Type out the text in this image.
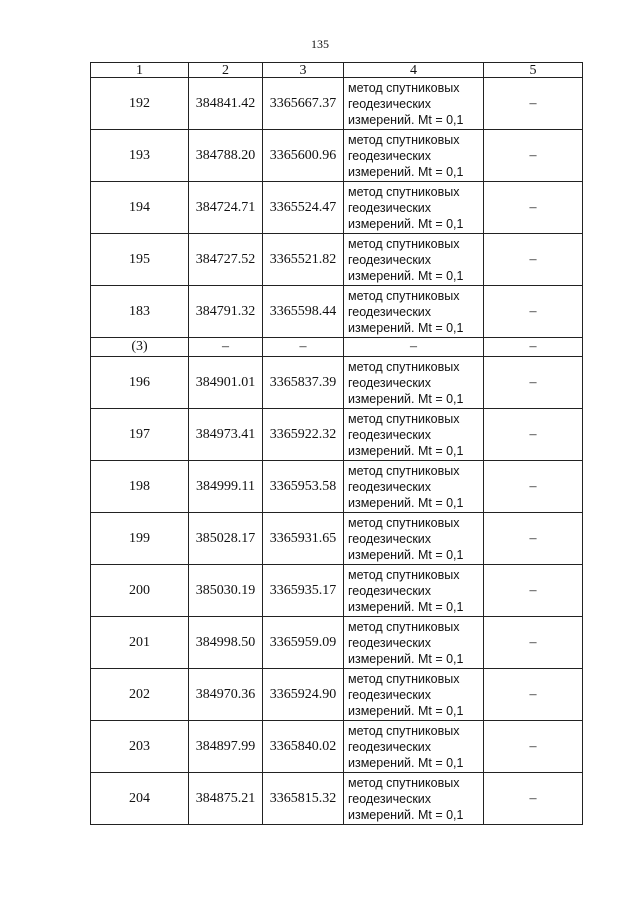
135
1	2	3	4	5
192	384841.42	3365667.37	метод спутниковых
геодезических
измерений. Mt = 0,1	–
193	384788.20	3365600.96	метод спутниковых
геодезических
измерений. Mt = 0,1	–
194	384724.71	3365524.47	метод спутниковых
геодезических
измерений. Mt = 0,1	–
195	384727.52	3365521.82	метод спутниковых
геодезических
измерений. Mt = 0,1	–
183	384791.32	3365598.44	метод спутниковых
геодезических
измерений. Mt = 0,1	–
(3)	–	–	–	–
196	384901.01	3365837.39	метод спутниковых
геодезических
измерений. Mt = 0,1	–
197	384973.41	3365922.32	метод спутниковых
геодезических
измерений. Mt = 0,1	–
198	384999.11	3365953.58	метод спутниковых
геодезических
измерений. Mt = 0,1	–
199	385028.17	3365931.65	метод спутниковых
геодезических
измерений. Mt = 0,1	–
200	385030.19	3365935.17	метод спутниковых
геодезических
измерений. Mt = 0,1	–
201	384998.50	3365959.09	метод спутниковых
геодезических
измерений. Mt = 0,1	–
202	384970.36	3365924.90	метод спутниковых
геодезических
измерений. Mt = 0,1	–
203	384897.99	3365840.02	метод спутниковых
геодезических
измерений. Mt = 0,1	–
204	384875.21	3365815.32	метод спутниковых
геодезических
измерений. Mt = 0,1	–
